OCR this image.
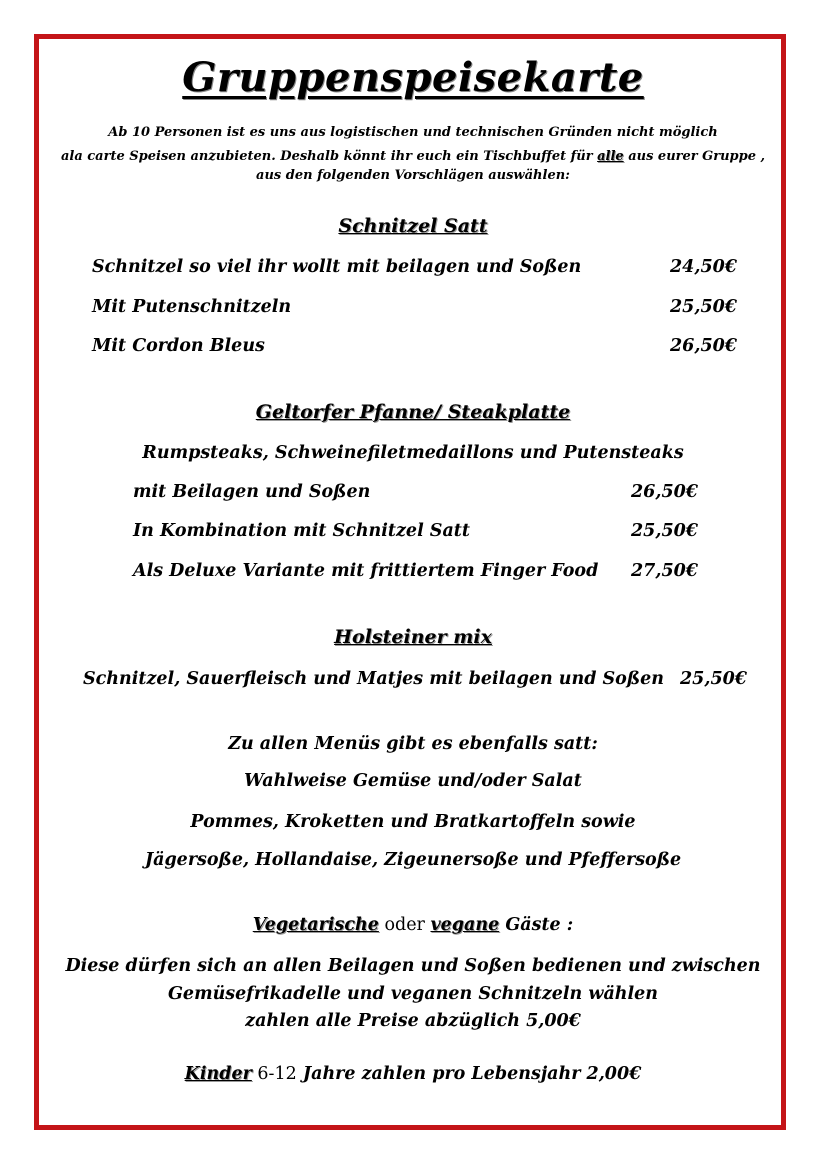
Gruppenspeisekarte
Ab 10 Personen ist es uns aus logistischen und technischen Gründen nicht möglich
ala carte Speisen anzubieten. Deshalb könnt ihr euch ein Tischbuffet für alle aus eurer Gruppe ,
aus den folgenden Vorschlägen auswählen:
Schnitzel Satt
Schnitzel so viel ihr wollt mit beilagen und Soßen	24,50€
Mit Putenschnitzeln	25,50€
Mit Cordon Bleus	26,50€
Geltorfer Pfanne/ Steakplatte
Rumpsteaks, Schweinefiletmedaillons und Putensteaks
mit Beilagen und Soßen	26,50€
In Kombination mit Schnitzel Satt	25,50€
Als Deluxe Variante mit frittiertem Finger Food 27,50€
Holsteiner mix
Schnitzel, Sauerfleisch und Matjes mit beilagen und Soßen 25,50€
Zu allen Menüs gibt es ebenfalls satt:
Wahlweise Gemüse und/oder Salat
Pommes, Kroketten und Bratkartoffeln sowie
Jägersoße, Hollandaise, Zigeunersoße und Pfeffersoße
Vegetarische oder vegane Gäste :
Diese dürfen sich an allen Beilagen und Soßen bedienen und zwischen
Gemüsefrikadelle und veganen Schnitzeln wählen
zahlen alle Preise abzüglich 5,00€
Kinder 6-12 Jahre zahlen pro Lebensjahr 2,00€
